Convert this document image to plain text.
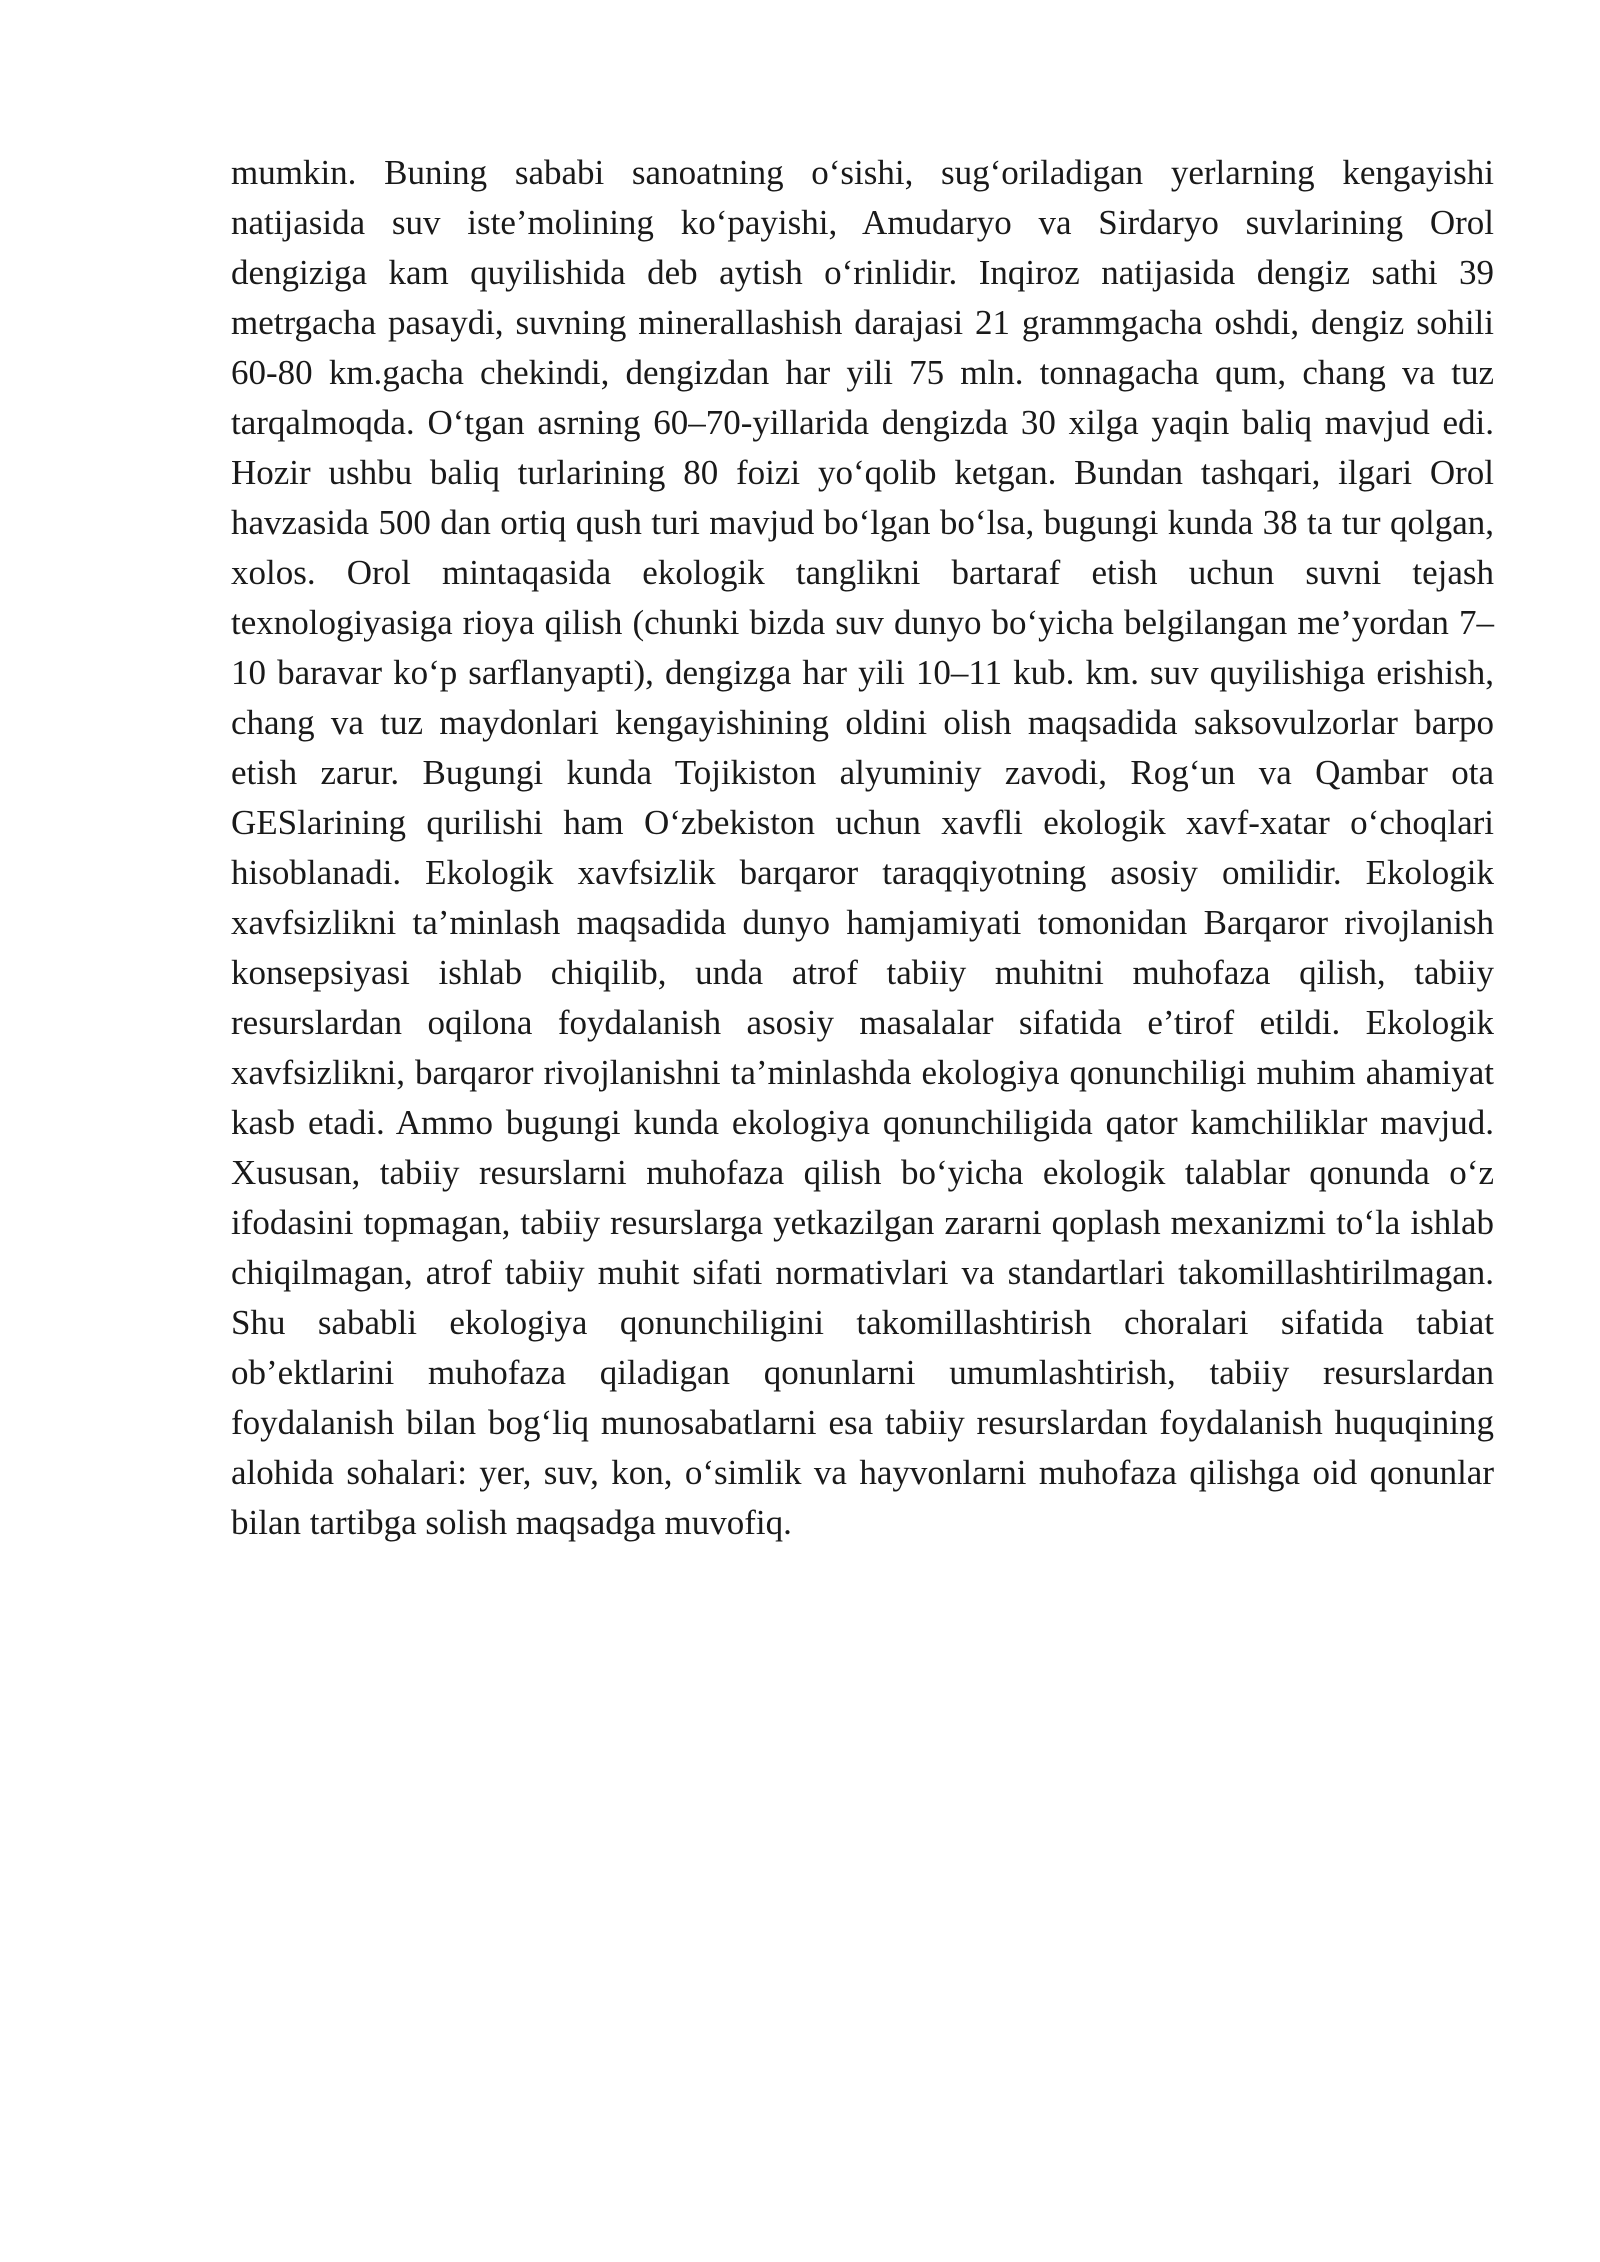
mumkin. Buning sababi sanoatning o‘sishi, sug‘oriladigan yerlarning kengayishi natijasida suv iste’molining ko‘payishi, Amudaryo va Sirdaryo suvlarining Orol dengiziga kam quyilishida deb aytish o‘rinlidir. Inqiroz natijasida dengiz sathi 39 metrgacha pasaydi, suvning minerallashish darajasi 21 grammgacha oshdi, dengiz sohili 60-80 km.gacha chekindi, dengizdan har yili 75 mln. tonnagacha qum, chang va tuz tarqalmoqda. O‘tgan asrning 60–70-yillarida dengizda 30 xilga yaqin baliq mavjud edi. Hozir ushbu baliq turlarining 80 foizi yo‘qolib ketgan. Bundan tashqari, ilgari Orol havzasida 500 dan ortiq qush turi mavjud bo‘lgan bo‘lsa, bugungi kunda 38 ta tur qolgan, xolos. Orol mintaqasida ekologik tanglikni bartaraf etish uchun suvni tejash texnologiyasiga rioya qilish (chunki bizda suv dunyo bo‘yicha belgilangan me’yordan 7–10 baravar ko‘p sarflanyapti), dengizga har yili 10–11 kub. km. suv quyilishiga erishish, chang va tuz maydonlari kengayishining oldini olish maqsadida saksovulzorlar barpo etish zarur. Bugungi kunda Tojikiston alyuminiy zavodi, Rog‘un va Qambar ota GESlarining qurilishi ham O‘zbekiston uchun xavfli ekologik xavf-xatar o‘choqlari hisoblanadi. Ekologik xavfsizlik barqaror taraqqiyotning asosiy omilidir. Ekologik xavfsizlikni ta’minlash maqsadida dunyo hamjamiyati tomonidan Barqaror rivojlanish konsepsiyasi ishlab chiqilib, unda atrof tabiiy muhitni muhofaza qilish, tabiiy resurslardan oqilona foydalanish asosiy masalalar sifatida e’tirof etildi. Ekologik xavfsizlikni, barqaror rivojlanishni ta’minlashda ekologiya qonunchiligi muhim ahamiyat kasb etadi. Ammo bugungi kunda ekologiya qonunchiligida qator kamchiliklar mavjud. Xususan, tabiiy resurslarni muhofaza qilish bo‘yicha ekologik talablar qonunda o‘z ifodasini topmagan, tabiiy resurslarga yetkazilgan zararni qoplash mexanizmi to‘la ishlab chiqilmagan, atrof tabiiy muhit sifati normativlari va standartlari takomillashtirilmagan. Shu sababli ekologiya qonunchiligini takomillashtirish choralari sifatida tabiat ob’ektlarini muhofaza qiladigan qonunlarni umumlashtirish, tabiiy resurslardan foydalanish bilan bog‘liq munosabatlarni esa tabiiy resurslardan foydalanish huquqining alohida sohalari: yer, suv, kon, o‘simlik va hayvonlarni muhofaza qilishga oid qonunlar bilan tartibga solish maqsadga muvofiq.
